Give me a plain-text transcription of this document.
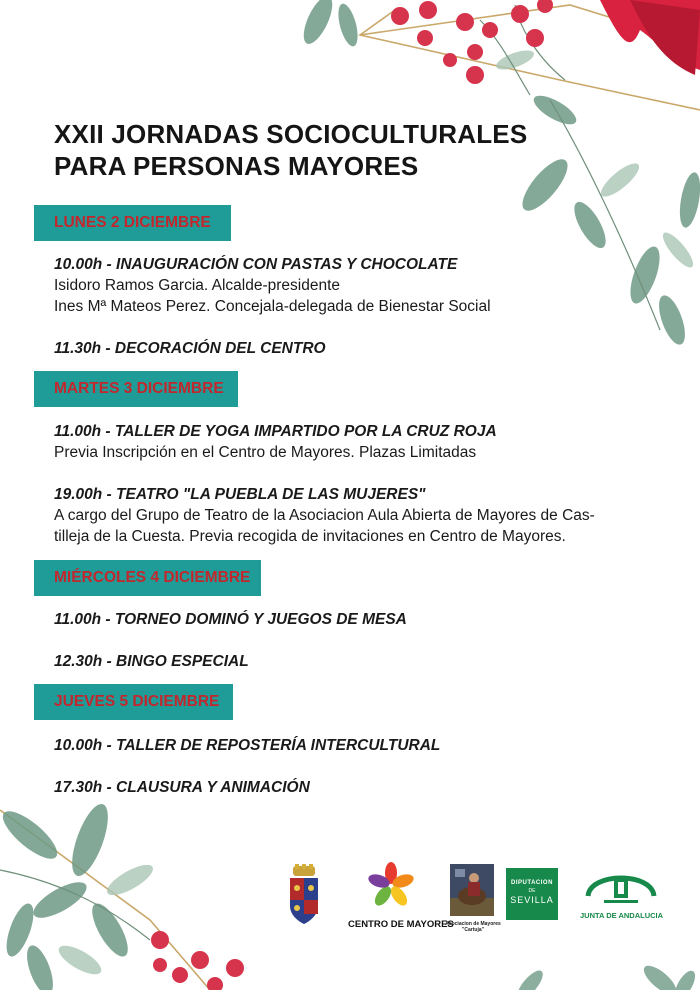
XXII JORNADAS SOCIOCULTURALES
PARA PERSONAS MAYORES
LUNES 2 DICIEMBRE
10.00h - INAUGURACIÓN CON PASTAS Y CHOCOLATE
Isidoro Ramos Garcia. Alcalde-presidente
Ines Mª Mateos Perez. Concejala-delegada de Bienestar Social
11.30h - DECORACIÓN DEL CENTRO
MARTES 3 DICIEMBRE
11.00h - TALLER DE YOGA IMPARTIDO POR LA CRUZ ROJA
Previa Inscripción en el Centro de Mayores. Plazas Limitadas
19.00h - TEATRO "LA PUEBLA DE LAS MUJERES"
A cargo del Grupo de Teatro de la Asociacion Aula Abierta de Mayores de Cas-
tilleja de la Cuesta. Previa recogida de invitaciones en Centro de Mayores.
MIÉRCOLES 4 DICIEMBRE
11.00h - TORNEO DOMINÓ Y JUEGOS DE MESA
12.30h - BINGO ESPECIAL
JUEVES 5 DICIEMBRE
10.00h - TALLER DE REPOSTERÍA INTERCULTURAL
17.30h - CLAUSURA Y ANIMACIÓN
CENTRO DE MAYORES
Asociacion de Mayores
"Cartuja"
DIPUTACION
DE
SEVILLA
JUNTA DE ANDALUCIA
